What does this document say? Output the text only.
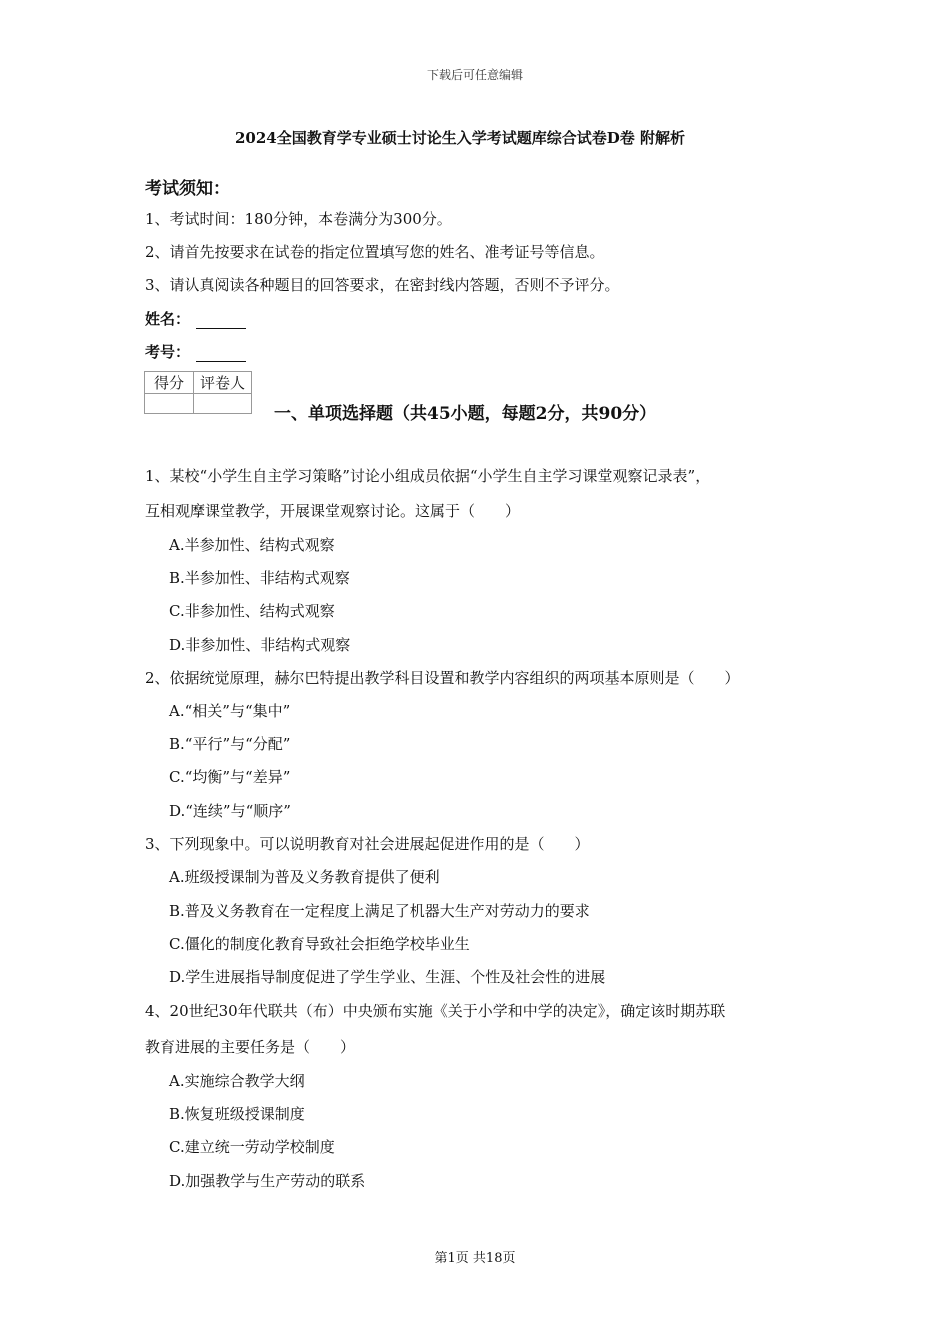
下载后可任意编辑
2024全国教育学专业硕士讨论生入学考试题库综合试卷D卷 附解析
考试须知：
1、考试时间：180分钟，本卷满分为300分。
2、请首先按要求在试卷的指定位置填写您的姓名、准考证号等信息。
3、请认真阅读各种题目的回答要求，在密封线内答题，否则不予评分。
姓名：
考号：
得分	评卷人

一、单项选择题（共45小题，每题2分，共90分）
1、某校“小学生自主学习策略”讨论小组成员依据“小学生自主学习课堂观察记录表”，
互相观摩课堂教学，开展课堂观察讨论。这属于（　　）
A.半参加性、结构式观察
B.半参加性、非结构式观察
C.非参加性、结构式观察
D.非参加性、非结构式观察
2、依据统觉原理，赫尔巴特提出教学科目设置和教学内容组织的两项基本原则是（　　）
A.“相关”与“集中”
B.“平行”与“分配”
C.“均衡”与“差异”
D.“连续”与“顺序”
3、下列现象中。可以说明教育对社会进展起促进作用的是（　　）
A.班级授课制为普及义务教育提供了便利
B.普及义务教育在一定程度上满足了机器大生产对劳动力的要求
C.僵化的制度化教育导致社会拒绝学校毕业生
D.学生进展指导制度促进了学生学业、生涯、个性及社会性的进展
4、20世纪30年代联共（布）中央颁布实施《关于小学和中学的决定》，确定该时期苏联
教育进展的主要任务是（　　）
A.实施综合教学大纲
B.恢复班级授课制度
C.建立统一劳动学校制度
D.加强教学与生产劳动的联系
第1页 共18页
